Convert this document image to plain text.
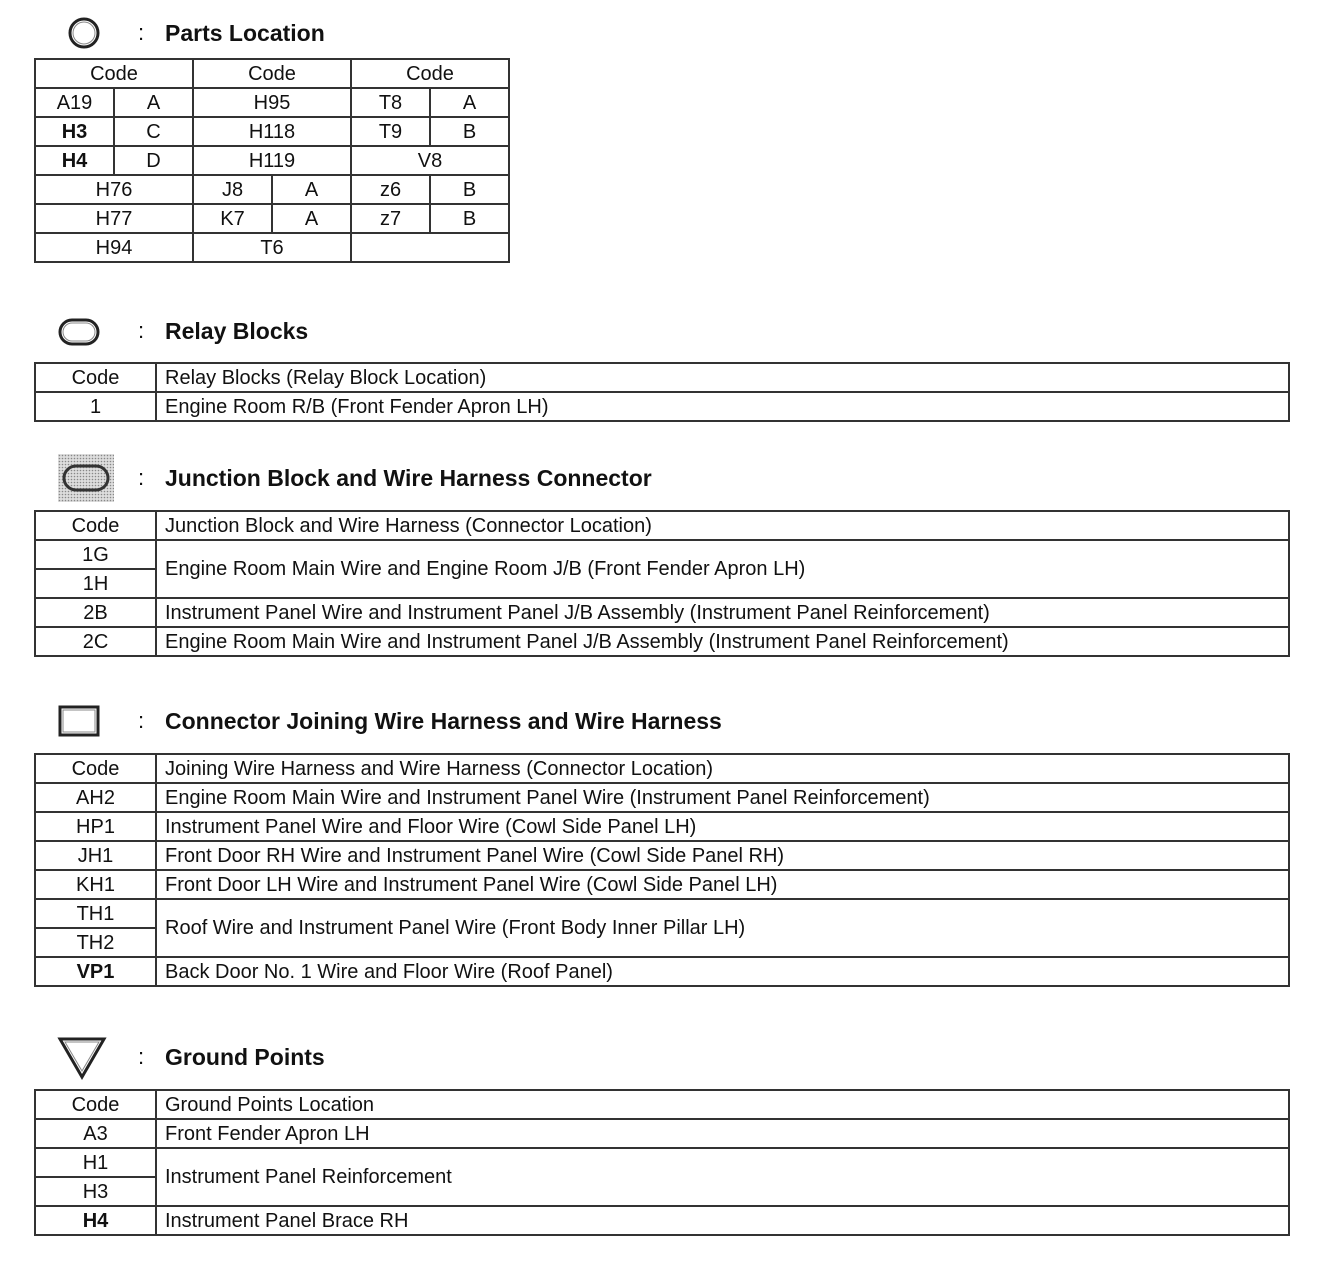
: Parts Location
Code		Code		Code	
A19	A	H95		T8	A
H3	C	H118		T9	B
H4	D	H119		V8	
H76		J8	A	z6	B
H77		K7	A	z7	B
H94		T6			
: Relay Blocks
Code	Relay Blocks (Relay Block Location)
1	Engine Room R/B (Front Fender Apron LH)
: Junction Block and Wire Harness Connector
Code	Junction Block and Wire Harness (Connector Location)
1G	Engine Room Main Wire and Engine Room J/B (Front Fender Apron LH)
1H	
2B	Instrument Panel Wire and Instrument Panel J/B Assembly (Instrument Panel Reinforcement)
2C	Engine Room Main Wire and Instrument Panel J/B Assembly (Instrument Panel Reinforcement)
: Connector Joining Wire Harness and Wire Harness
Code	Joining Wire Harness and Wire Harness (Connector Location)
AH2	Engine Room Main Wire and Instrument Panel Wire (Instrument Panel Reinforcement)
HP1	Instrument Panel Wire and Floor Wire (Cowl Side Panel LH)
JH1	Front Door RH Wire and Instrument Panel Wire (Cowl Side Panel RH)
KH1	Front Door LH Wire and Instrument Panel Wire (Cowl Side Panel LH)
TH1	Roof Wire and Instrument Panel Wire (Front Body Inner Pillar LH)
TH2	
VP1	Back Door No. 1 Wire and Floor Wire (Roof Panel)
: Ground Points
Code	Ground Points Location
A3	Front Fender Apron LH
H1	Instrument Panel Reinforcement
H3	
H4	Instrument Panel Brace RH
